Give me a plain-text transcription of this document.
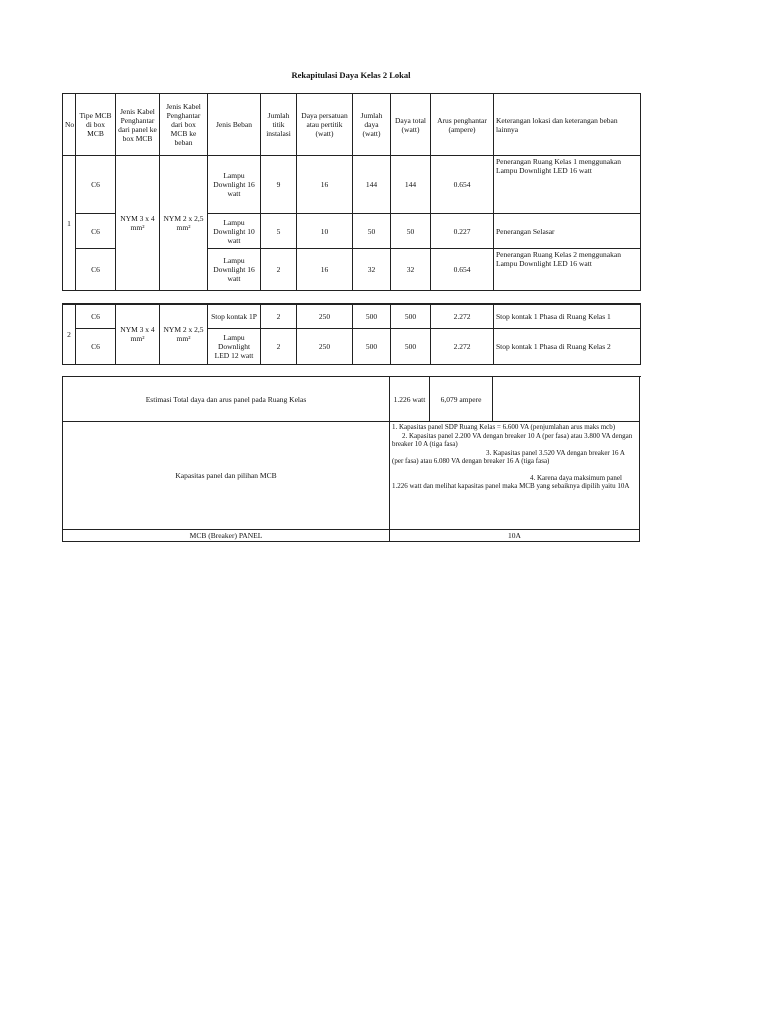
Rekapitulasi Daya Kelas 2 Lokal
No	Tipe MCB di box MCB	Jenis Kabel Penghantar dari panel ke box MCB	Jenis Kabel Penghantar dari box MCB ke beban	Jenis Beban	Jumlah titik instalasi	Daya persatuan atau pertitik (watt)	Jumlah daya (watt)	Daya total (watt)	Arus penghantar (ampere)	Keterangan lokasi dan keterangan beban lainnya
1	C6	NYM 3 x 4 mm²	NYM 2 x 2,5 mm²	Lampu Downlight 16 watt	9	16	144	144	0.654	Penerangan Ruang Kelas 1 menggunakan Lampu Downlight LED 16 watt
	C6			Lampu Downlight 10 watt	5	10	50	50	0.227	Penerangan Selasar
	C6			Lampu Downlight 16 watt	2	16	32	32	0.654	Penerangan Ruang Kelas 2 menggunakan Lampu Downlight LED 16 watt
2	C6	NYM 3 x 4 mm²	NYM 2 x 2,5 mm²	Stop kontak 1P	2	250	500	500	2.272	Stop kontak 1 Phasa di Ruang Kelas 1
	C6			Lampu Downlight LED 12 watt	2	250	500	500	2.272	Stop kontak 1 Phasa di Ruang Kelas 2

Estimasi Total daya dan arus panel pada Ruang Kelas	1.226 watt	6,079 ampere	
Kapasitas panel dan pilihan MCB	1. Kapasitas panel SDP Ruang Kelas = 6.600 VA (penjumlahan arus maks mcb)
2. Kapasitas panel 2.200 VA dengan breaker 10 A (per fasa) atau 3.800 VA dengan breaker 10 A (tiga fasa)
3. Kapasitas panel 3.520 VA dengan breaker 16 A (per fasa) atau 6.080 VA dengan breaker 16 A (tiga fasa)
4. Karena daya maksimum panel 1.226 watt dan melihat kapasitas panel maka MCB yang sebaiknya dipilih yaitu 10A		

MCB (Breaker) PANEL	10A		
